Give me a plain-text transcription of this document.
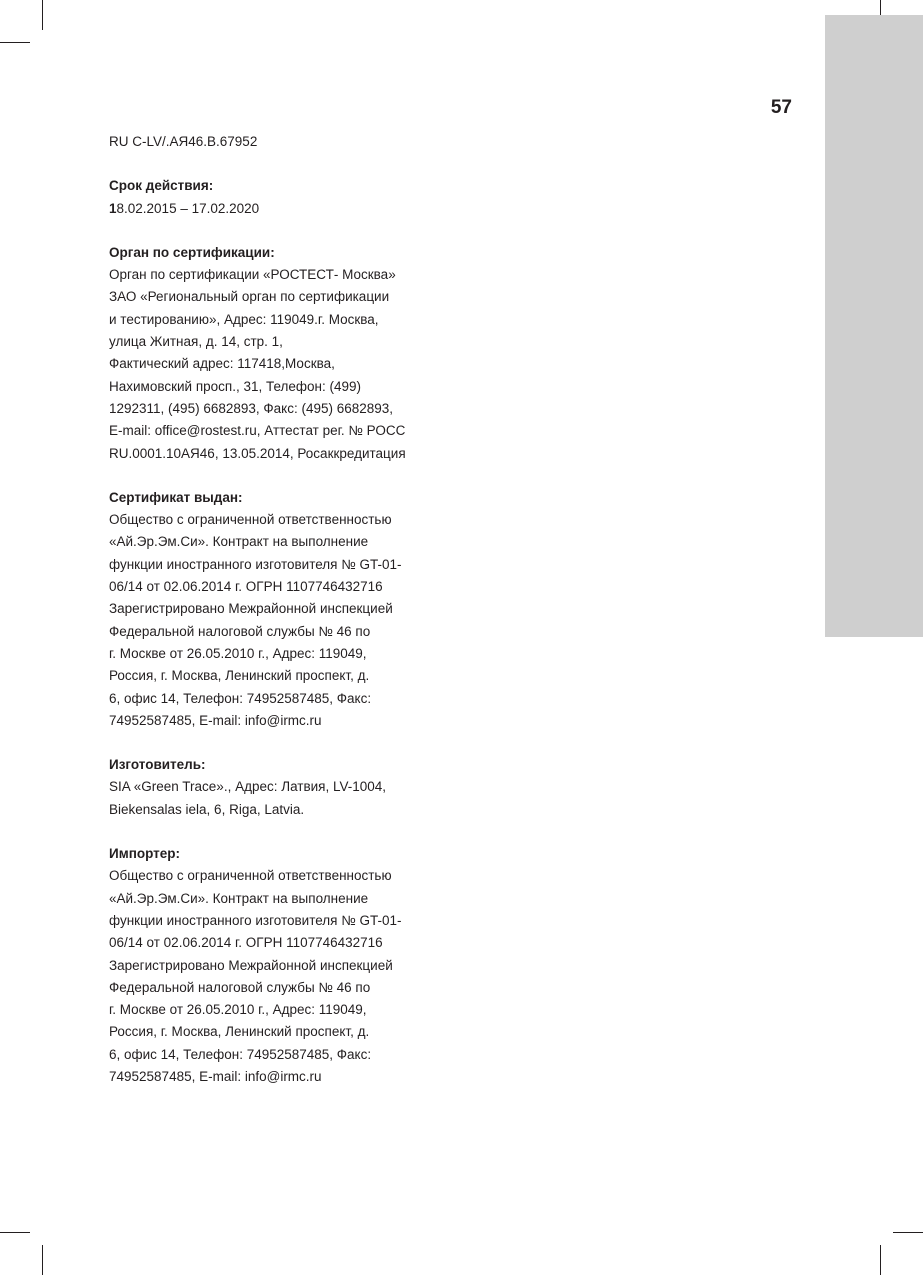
57
RU C-LV/.АЯ46.В.67952
Срок действия:
18.02.2015 – 17.02.2020
Орган по сертификации:
Орган по сертификации «РОСТЕСТ- Москва»
ЗАО «Региональный орган по сертификации
и тестированию», Адрес: 119049.г. Москва,
улица Житная, д. 14, стр. 1,
Фактический адрес: 117418,Москва,
Нахимовский просп., 31, Телефон: (499)
1292311, (495) 6682893, Факс: (495) 6682893,
E-mail: office@rostest.ru, Аттестат рег. № РОСС
RU.0001.10АЯ46, 13.05.2014, Росаккредитация
Сертификат выдан:
Общество с ограниченной ответственностью
«Ай.Эр.Эм.Си». Контракт на выполнение
функции иностранного изготовителя № GT-01-
06/14 от 02.06.2014 г. ОГРН 1107746432716
Зарегистрировано Межрайонной инспекцией
Федеральной налоговой службы № 46 по
г. Москве от 26.05.2010 г., Адрес: 119049,
Россия, г. Москва, Ленинский проспект, д.
6, офис 14, Телефон: 74952587485, Факс:
74952587485, E-mail: info@irmc.ru
Изготовитель:
SIA «Green Trace»., Адрес: Латвия, LV-1004,
Biekensalas iela, 6, Riga, Latvia.
Импортер:
Общество с ограниченной ответственностью
«Ай.Эр.Эм.Си». Контракт на выполнение
функции иностранного изготовителя № GT-01-
06/14 от 02.06.2014 г. ОГРН 1107746432716
Зарегистрировано Межрайонной инспекцией
Федеральной налоговой службы № 46 по
г. Москве от 26.05.2010 г., Адрес: 119049,
Россия, г. Москва, Ленинский проспект, д.
6, офис 14, Телефон: 74952587485, Факс:
74952587485, E-mail: info@irmc.ru
